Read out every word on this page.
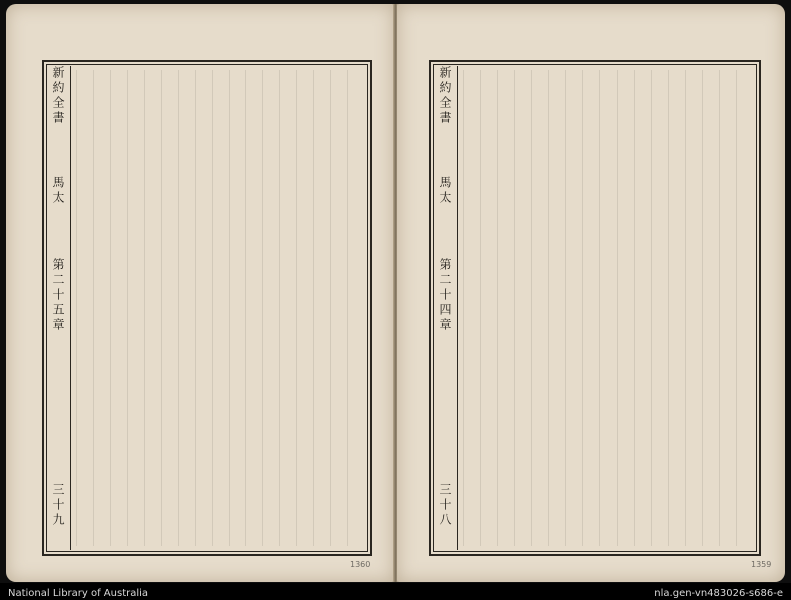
新約全書
馬太
第二十五章
三十九
1360
新約全書
馬太
第二十四章
三十八
1359
National Library of Australia	nla.gen-vn483026-s686-e
